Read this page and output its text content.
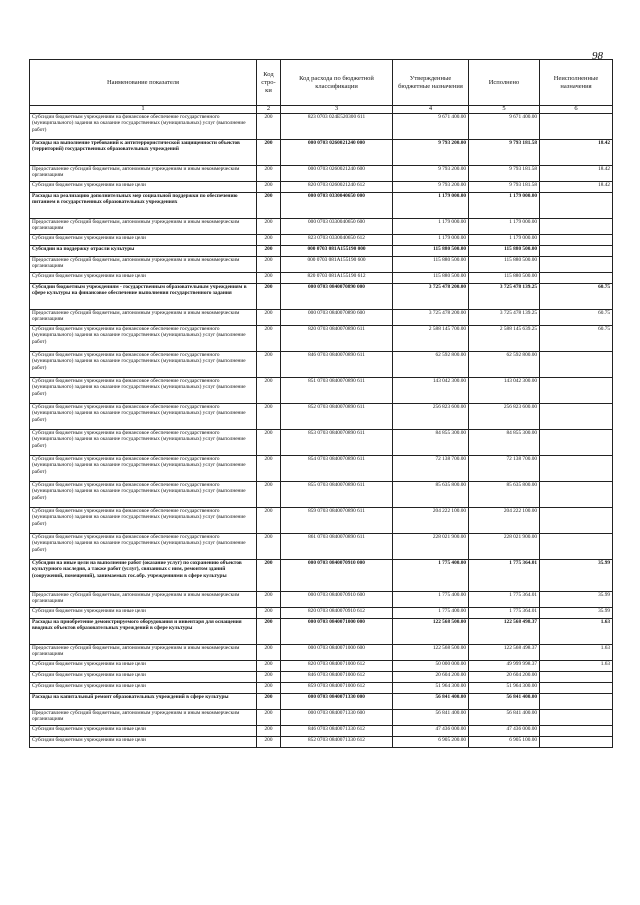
98
Наименование показателя	Код стро-ки	Код расхода по бюджетной классификации	Утвержденные бюджетные назначения	Исполнено	Неисполненные назначения
1	2	3	4	5	6
Субсидии бюджетным учреждениям на финансовое обеспечение государственного (муниципального) задания на оказание государственных (муниципальных) услуг (выполнение работ)	200	823 0703 024Е520300 611	9 671 400.00	9 671 400.00	
Расходы на выполнение требований к антитеррористической защищенности объектов (территорий) государственных образовательных учреждений	200	000 0703 0260021240 000	9 793 200.00	9 793 181.58	18.42
Предоставление субсидий бюджетным, автономным учреждениям и иным некоммерческим организациям	200	000 0703 0260021240 600	9 793 200.00	9 793 181.58	18.42
Субсидии бюджетным учреждениям на иные цели	200	820 0703 0260021240 612	9 793 200.00	9 793 181.58	18.42
Расходы на реализацию дополнительных мер социальной поддержки по обеспечению питанием в государственных образовательных учреждениях	200	000 0703 0330040650 000	1 179 000.00	1 179 000.00	
Предоставление субсидий бюджетным, автономным учреждениям и иным некоммерческим организациям	200	000 0703 0330040650 600	1 179 000.00	1 179 000.00	
Субсидии бюджетным учреждениям на иные цели	200	823 0703 0330040650 612	1 179 000.00	1 179 000.00	
Субсидии на поддержку отрасли культуры	200	000 0703 081А155190 000	115 880 500.00	115 880 500.00	
Предоставление субсидий бюджетным, автономным учреждениям и иным некоммерческим организациям	200	000 0703 081А155190 600	115 880 500.00	115 880 500.00	
Субсидии бюджетным учреждениям на иные цели	200	820 0703 081А155190 612	115 880 500.00	115 880 500.00	
Субсидии бюджетным учреждениям - государственным образовательным учреждениям в сфере культуры на финансовое обеспечение выполнения государственного задания	200	000 0703 0840070890 000	3 725 478 200.00	3 725 478 139.25	60.75
Предоставление субсидий бюджетным, автономным учреждениям и иным некоммерческим организациям	200	000 0703 0840070890 600	3 725 478 200.00	3 725 478 139.25	60.75
Субсидии бюджетным учреждениям на финансовое обеспечение государственного (муниципального) задания на оказание государственных (муниципальных) услуг (выполнение работ)	200	820 0703 0840070890 611	2 588 145 700.00	2 588 145 639.25	60.75
Субсидии бюджетным учреждениям на финансовое обеспечение государственного (муниципального) задания на оказание государственных (муниципальных) услуг (выполнение работ)	200	846 0703 0840070890 611	62 592 800.00	62 592 800.00	
Субсидии бюджетным учреждениям на финансовое обеспечение государственного (муниципального) задания на оказание государственных (муниципальных) услуг (выполнение работ)	200	851 0703 0840070890 611	143 042 300.00	143 042 300.00	
Субсидии бюджетным учреждениям на финансовое обеспечение государственного (муниципального) задания на оказание государственных (муниципальных) услуг (выполнение работ)	200	852 0703 0840070890 611	256 823 600.00	256 823 600.00	
Субсидии бюджетным учреждениям на финансовое обеспечение государственного (муниципального) задания на оказание государственных (муниципальных) услуг (выполнение работ)	200	853 0703 0840070890 611	84 855 300.00	84 855 300.00	
Субсидии бюджетным учреждениям на финансовое обеспечение государственного (муниципального) задания на оказание государственных (муниципальных) услуг (выполнение работ)	200	854 0703 0840070890 611	72 138 700.00	72 138 700.00	
Субсидии бюджетным учреждениям на финансовое обеспечение государственного (муниципального) задания на оказание государственных (муниципальных) услуг (выполнение работ)	200	855 0703 0840070890 611	85 635 800.00	85 635 800.00	
Субсидии бюджетным учреждениям на финансовое обеспечение государственного (муниципального) задания на оказание государственных (муниципальных) услуг (выполнение работ)	200	859 0703 0840070890 611	204 222 100.00	204 222 100.00	
Субсидии бюджетным учреждениям на финансовое обеспечение государственного (муниципального) задания на оказание государственных (муниципальных) услуг (выполнение работ)	200	861 0703 0840070890 611	228 021 900.00	228 021 900.00	
Субсидии на иные цели на выполнение работ (оказание услуг) по сохранению объектов культурного наследия, а также работ (услуг), связанных с ним, ремонтом зданий (сооружений, помещений), занимаемых гос.обр. учреждениями в сфере культуры	200	000 0703 0840070910 000	1 775 400.00	1 775 364.01	35.99
Предоставление субсидий бюджетным, автономным учреждениям и иным некоммерческим организациям	200	000 0703 0840070910 600	1 775 400.00	1 775 364.01	35.99
Субсидии бюджетным учреждениям на иные цели	200	820 0703 0840070910 612	1 775 400.00	1 775 364.01	35.99
Расходы на приобретение демонстрируемого оборудования и инвентаря для оснащения вводных объектов образовательных учреждений в сфере культуры	200	000 0703 0840071000 000	122 568 500.00	122 568 498.37	1.63
Предоставление субсидий бюджетным, автономным учреждениям и иным некоммерческим организациям	200	000 0703 0840071000 600	122 568 500.00	122 568 498.37	1.63
Субсидии бюджетным учреждениям на иные цели	200	820 0703 0840071000 612	50 000 000.00	49 999 998.37	1.63
Субсидии бюджетным учреждениям на иные цели	200	846 0703 0840071000 612	20 604 200.00	20 604 200.00	
Субсидии бюджетным учреждениям на иные цели	200	859 0703 0840071000 612	51 964 300.00	51 964 300.00	
Расходы на капитальный ремонт образовательных учреждений в сфере культуры	200	000 0703 0840071330 000	56 841 400.00	56 841 400.00	
Предоставление субсидий бюджетным, автономным учреждениям и иным некоммерческим организациям	200	000 0703 0840071330 600	56 841 400.00	56 841 400.00	
Субсидии бюджетным учреждениям на иные цели	200	846 0703 0840071330 612	47 436 000.00	47 436 000.00	
Субсидии бюджетным учреждениям на иные цели	200	852 0703 0840071330 612	6 905 200.00	6 905 100.00	
